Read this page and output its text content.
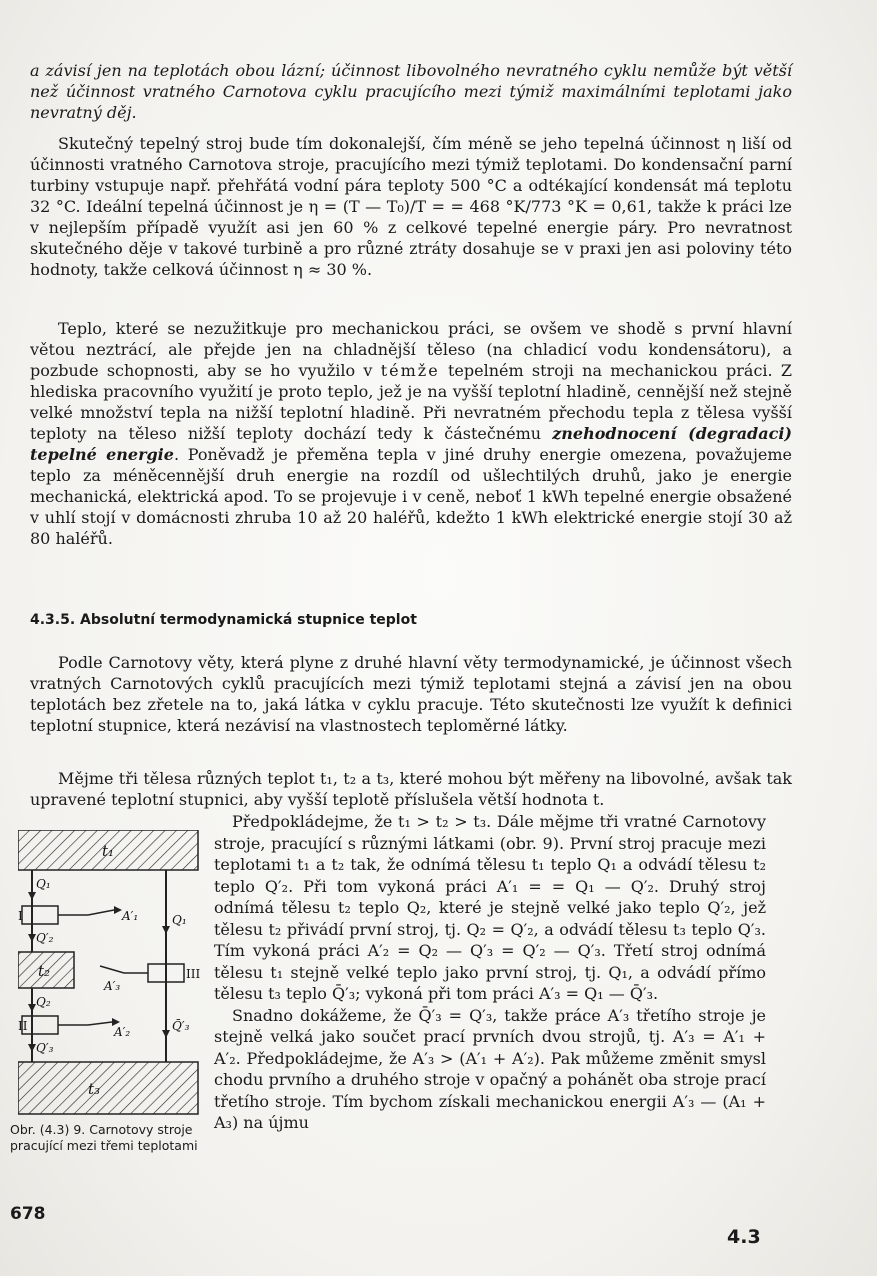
a závisí jen na teplotách obou lázní; účinnost libovolného nevratného cyklu nemůže být větší než účinnost vratného Carnotova cyklu pracujícího mezi týmiž maximálními teplotami jako nevratný děj.

Skutečný tepelný stroj bude tím dokonalejší, čím méně se jeho tepelná účinnost η liší od účinnosti vratného Carnotova stroje, pracujícího mezi týmiž teplotami. Do kondensační parní turbiny vstupuje např. přehřátá vodní pára teploty 500 °C a odtékající kondensát má teplotu 32 °C. Ideální tepelná účinnost je η = (T — T₀)/T = = 468 °K/773 °K = 0,61, takže k práci lze v nejlepším případě využít asi jen 60 % z celkové tepelné energie páry. Pro nevratnost skutečného děje v takové turbině a pro různé ztráty dosahuje se v praxi jen asi poloviny této hodnoty, takže celková účinnost η ≈ 30 %.

Teplo, které se nezužitkuje pro mechanickou práci, se ovšem ve shodě s první hlavní větou neztrácí, ale přejde jen na chladnější těleso (na chladicí vodu kondensátoru), a pozbude schopnosti, aby se ho využilo v témže tepelném stroji na mechanickou práci. Z hlediska pracovního využití je proto teplo, jež je na vyšší teplotní hladině, cennější než stejně velké množství tepla na nižší teplotní hladině. Při nevratném přechodu tepla z tělesa vyšší teploty na těleso nižší teploty dochází tedy k částečnému znehodnocení (degradaci) tepelné energie. Poněvadž je přeměna tepla v jiné druhy energie omezena, považujeme teplo za méněcennější druh energie na rozdíl od ušlechtilých druhů, jako je energie mechanická, elektrická apod. To se projevuje i v ceně, neboť 1 kWh tepelné energie obsažené v uhlí stojí v domácnosti zhruba 10 až 20 haléřů, kdežto 1 kWh elektrické energie stojí 30 až 80 haléřů.

4.3.5. Absolutní termodynamická stupnice teplot

Podle Carnotovy věty, která plyne z druhé hlavní věty termodynamické, je účinnost všech vratných Carnotových cyklů pracujících mezi týmiž teplotami stejná a závisí jen na obou teplotách bez zřetele na to, jaká látka v cyklu pracuje. Této skutečnosti lze využít k definici teplotní stupnice, která nezávisí na vlastnostech teploměrné látky.

Mějme tři tělesa různých teplot t₁, t₂ a t₃, které mohou být měřeny na libovolné, avšak tak upravené teplotní stupnici, aby vyšší teplotě příslušela větší hodnota t.

Předpokládejme, že t₁ > t₂ > t₃. Dále mějme tři vratné Carnotovy stroje, pracující s různými látkami (obr. 9). První stroj pracuje mezi teplotami t₁ a t₂ tak, že odnímá tělesu t₁ teplo Q₁ a odvádí tělesu t₂ teplo Q′₂. Při tom vykoná práci A′₁ = = Q₁ — Q′₂. Druhý stroj odnímá tělesu t₂ teplo Q₂, které je stejně velké jako teplo Q′₂, jež tělesu t₂ přivádí první stroj, tj. Q₂ = Q′₂, a odvádí tělesu t₃ teplo Q′₃. Tím vykoná práci A′₂ = Q₂ — Q′₃ = Q′₂ — Q′₃. Třetí stroj odnímá tělesu t₁ stejně velké teplo jako první stroj, tj. Q₁, a odvádí přímo tělesu t₃ teplo Q̄′₃; vykoná při tom práci A′₃ = Q₁ — Q̄′₃.

Snadno dokážeme, že Q̄′₃ = Q′₃, takže práce A′₃ třetího stroje je stejně velká jako součet prací prvních dvou strojů, tj. A′₃ = A′₁ + A′₂. Předpokládejme, že A′₃ > (A′₁ + A′₂). Pak můžeme změnit smysl chodu prvního a druhého stroje v opačný a pohánět oba stroje prací třetího stroje. Tím bychom získali mechanickou energii A′₃ — (A₁ + A₃) na újmu

t₁
t₂
t₃
Q₁
Q′₂
I	A′₁
Q₂
Q′₃
II	A′₂
Q₁
Q̄′₃
III
A′₃
Obr. (4.3) 9. Carnotovy stroje pracující mezi třemi teplotami
678
4.3
